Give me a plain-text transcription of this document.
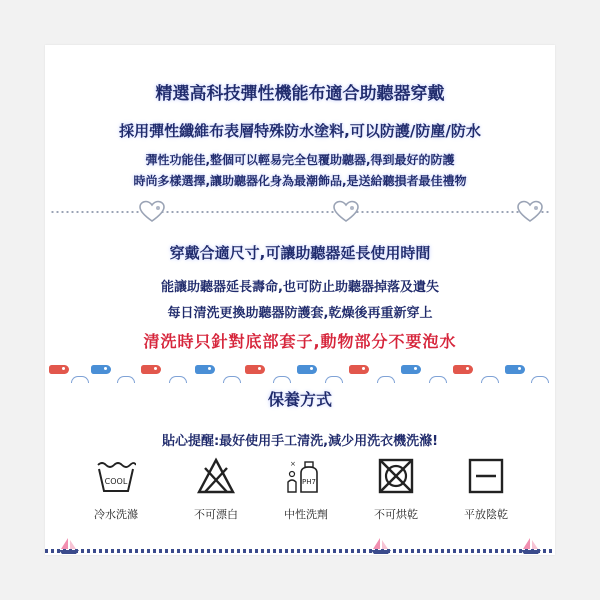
精選高科技彈性機能布適合助聽器穿戴
採用彈性纖維布表層特殊防水塗料,可以防護/防塵/防水
彈性功能佳,整個可以輕易完全包覆助聽器,得到最好的防護
時尚多樣選擇,讓助聽器化身為最潮飾品,是送給聽損者最佳禮物
穿戴合適尺寸,可讓助聽器延長使用時間
能讓助聽器延長壽命,也可防止助聽器掉落及遺失
每日清洗更換助聽器防護套,乾燥後再重新穿上
清洗時只針對底部套子,動物部分不要泡水
保養方式
貼心提醒:最好使用手工清洗,減少用洗衣機洗滌!
COOL
冷水洗滌	不可漂白
×
PH7
中性洗劑	不可烘乾	平放陰乾
